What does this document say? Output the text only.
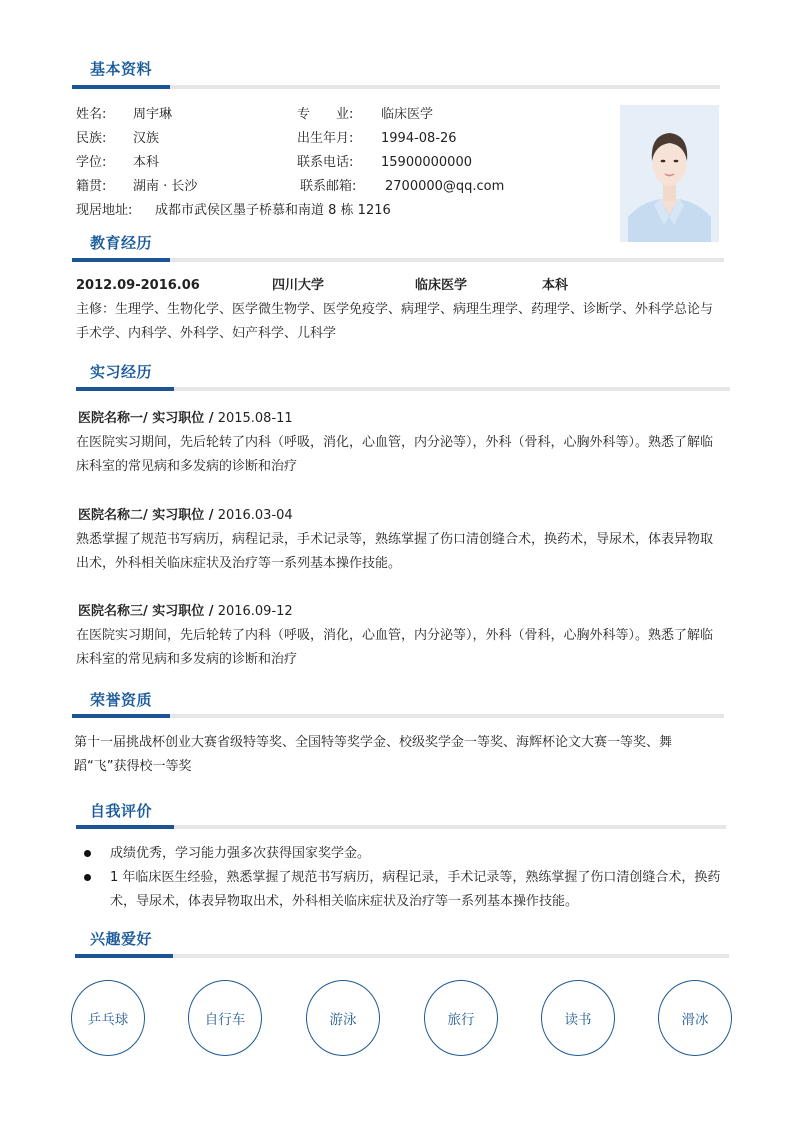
基本资料
姓名: 周宇琳	专　　业: 临床医学
民族: 汉族	出生年月: 1994-08-26
学位: 本科	联系电话: 15900000000
籍贯: 湖南 · 长沙	联系邮箱: 2700000@qq.com
现居地址: 成都市武侯区墨子桥慕和南道 8 栋 1216
教育经历
2012.09-2016.06	四川大学	临床医学	本科
主修：生理学、生物化学、医学微生物学、医学免疫学、病理学、病理生理学、药理学、诊断学、外科学总论与手术学、内科学、外科学、妇产科学、儿科学
实习经历
医院名称一/ 实习职位 / 2015.08-11
在医院实习期间，先后轮转了内科（呼吸，消化，心血管，内分泌等），外科（骨科，心胸外科等）。熟悉了解临床科室的常见病和多发病的诊断和治疗
医院名称二/ 实习职位 / 2016.03-04
熟悉掌握了规范书写病历，病程记录，手术记录等，熟练掌握了伤口清创缝合术，换药术，导尿术，体表异物取出术，外科相关临床症状及治疗等一系列基本操作技能。
医院名称三/ 实习职位 / 2016.09-12
在医院实习期间，先后轮转了内科（呼吸，消化，心血管，内分泌等），外科（骨科，心胸外科等）。熟悉了解临床科室的常见病和多发病的诊断和治疗
荣誉资质
第十一届挑战杯创业大赛省级特等奖、全国特等奖学金、校级奖学金一等奖、海辉杯论文大赛一等奖、舞蹈“飞”获得校一等奖
自我评价
成绩优秀，学习能力强多次获得国家奖学金。
1 年临床医生经验，熟悉掌握了规范书写病历，病程记录，手术记录等，熟练掌握了伤口清创缝合术，换药术，导尿术，体表异物取出术，外科相关临床症状及治疗等一系列基本操作技能。
兴趣爱好
乒乓球	自行车	游泳	旅行	读书	滑冰
